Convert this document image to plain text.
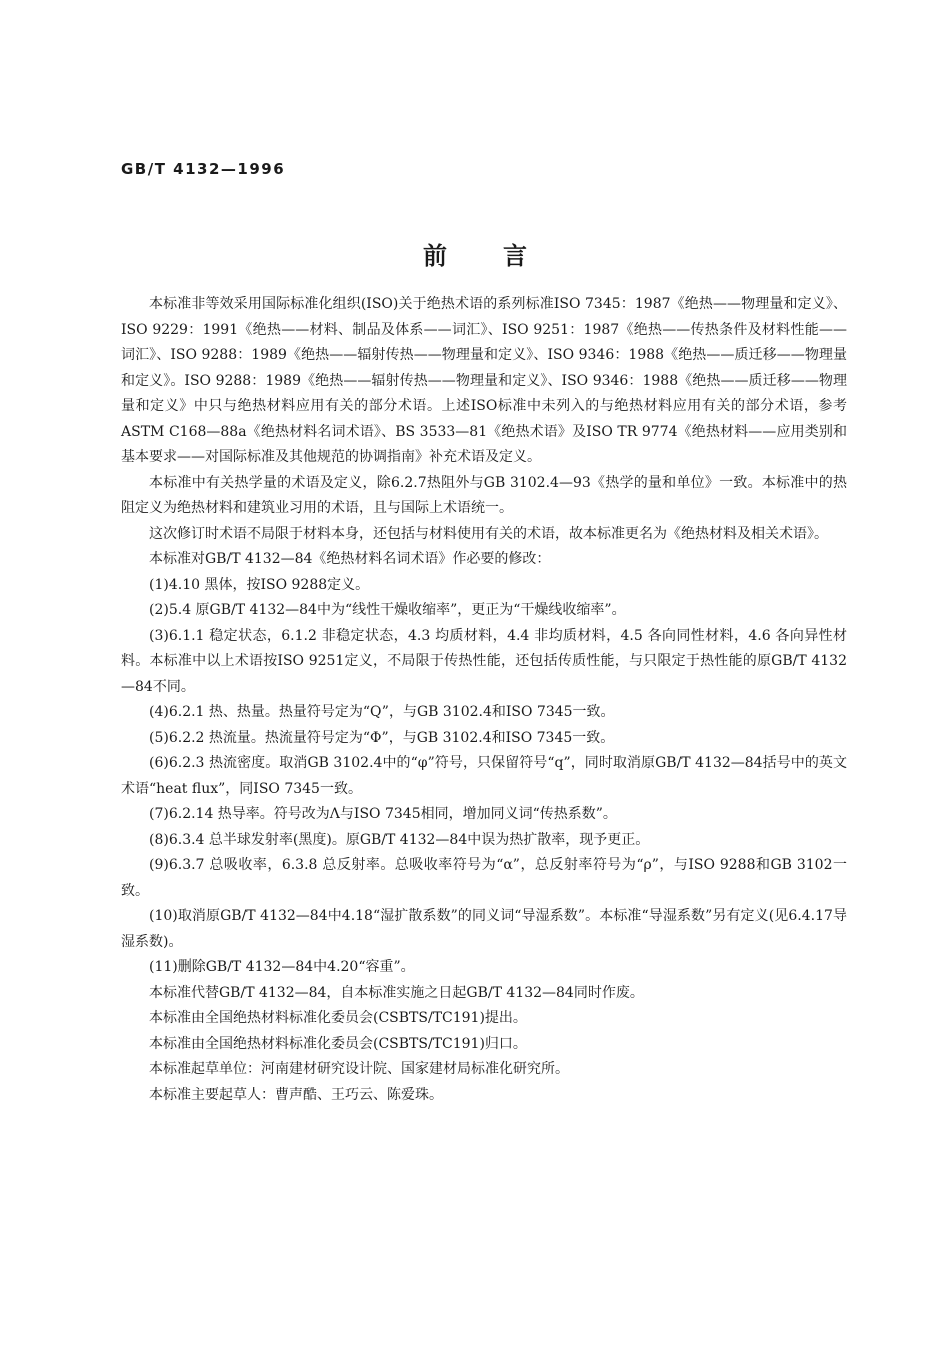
GB/T 4132—1996
前言

本标准非等效采用国际标准化组织(ISO)关于绝热术语的系列标准ISO 7345：1987《绝热——物理量和定义》、ISO 9229：1991《绝热——材料、制品及体系——词汇》、ISO 9251：1987《绝热——传热条件及材料性能——词汇》、ISO 9288：1989《绝热——辐射传热——物理量和定义》、ISO 9346：1988《绝热——质迁移——物理量和定义》。ISO 9288：1989《绝热——辐射传热——物理量和定义》、ISO 9346：1988《绝热——质迁移——物理量和定义》中只与绝热材料应用有关的部分术语。上述ISO标准中未列入的与绝热材料应用有关的部分术语，参考ASTM C168—88a《绝热材料名词术语》、BS 3533—81《绝热术语》及ISO TR 9774《绝热材料——应用类别和基本要求——对国际标准及其他规范的协调指南》补充术语及定义。

本标准中有关热学量的术语及定义，除6.2.7热阻外与GB 3102.4—93《热学的量和单位》一致。本标准中的热阻定义为绝热材料和建筑业习用的术语，且与国际上术语统一。

这次修订时术语不局限于材料本身，还包括与材料使用有关的术语，故本标准更名为《绝热材料及相关术语》。

本标准对GB/T 4132—84《绝热材料名词术语》作必要的修改：

(1)4.10 黑体，按ISO 9288定义。

(2)5.4 原GB/T 4132—84中为“线性干燥收缩率”，更正为“干燥线收缩率”。

(3)6.1.1 稳定状态，6.1.2 非稳定状态，4.3 均质材料，4.4 非均质材料，4.5 各向同性材料，4.6 各向异性材料。本标准中以上术语按ISO 9251定义，不局限于传热性能，还包括传质性能，与只限定于热性能的原GB/T 4132—84不同。

(4)6.2.1 热、热量。热量符号定为“Q”，与GB 3102.4和ISO 7345一致。

(5)6.2.2 热流量。热流量符号定为“Φ”，与GB 3102.4和ISO 7345一致。

(6)6.2.3 热流密度。取消GB 3102.4中的“φ”符号，只保留符号“q”，同时取消原GB/T 4132—84括号中的英文术语“heat flux”，同ISO 7345一致。

(7)6.2.14 热导率。符号改为Λ与ISO 7345相同，增加同义词“传热系数”。

(8)6.3.4 总半球发射率(黑度)。原GB/T 4132—84中误为热扩散率，现予更正。

(9)6.3.7 总吸收率，6.3.8 总反射率。总吸收率符号为“α”，总反射率符号为“ρ”，与ISO 9288和GB 3102一致。

(10)取消原GB/T 4132—84中4.18“湿扩散系数”的同义词“导湿系数”。本标准“导湿系数”另有定义(见6.4.17导湿系数)。

(11)删除GB/T 4132—84中4.20“容重”。

本标准代替GB/T 4132—84，自本标准实施之日起GB/T 4132—84同时作废。

本标准由全国绝热材料标准化委员会(CSBTS/TC191)提出。

本标准由全国绝热材料标准化委员会(CSBTS/TC191)归口。

本标准起草单位：河南建材研究设计院、国家建材局标准化研究所。

本标准主要起草人：曹声酷、王巧云、陈爱珠。
